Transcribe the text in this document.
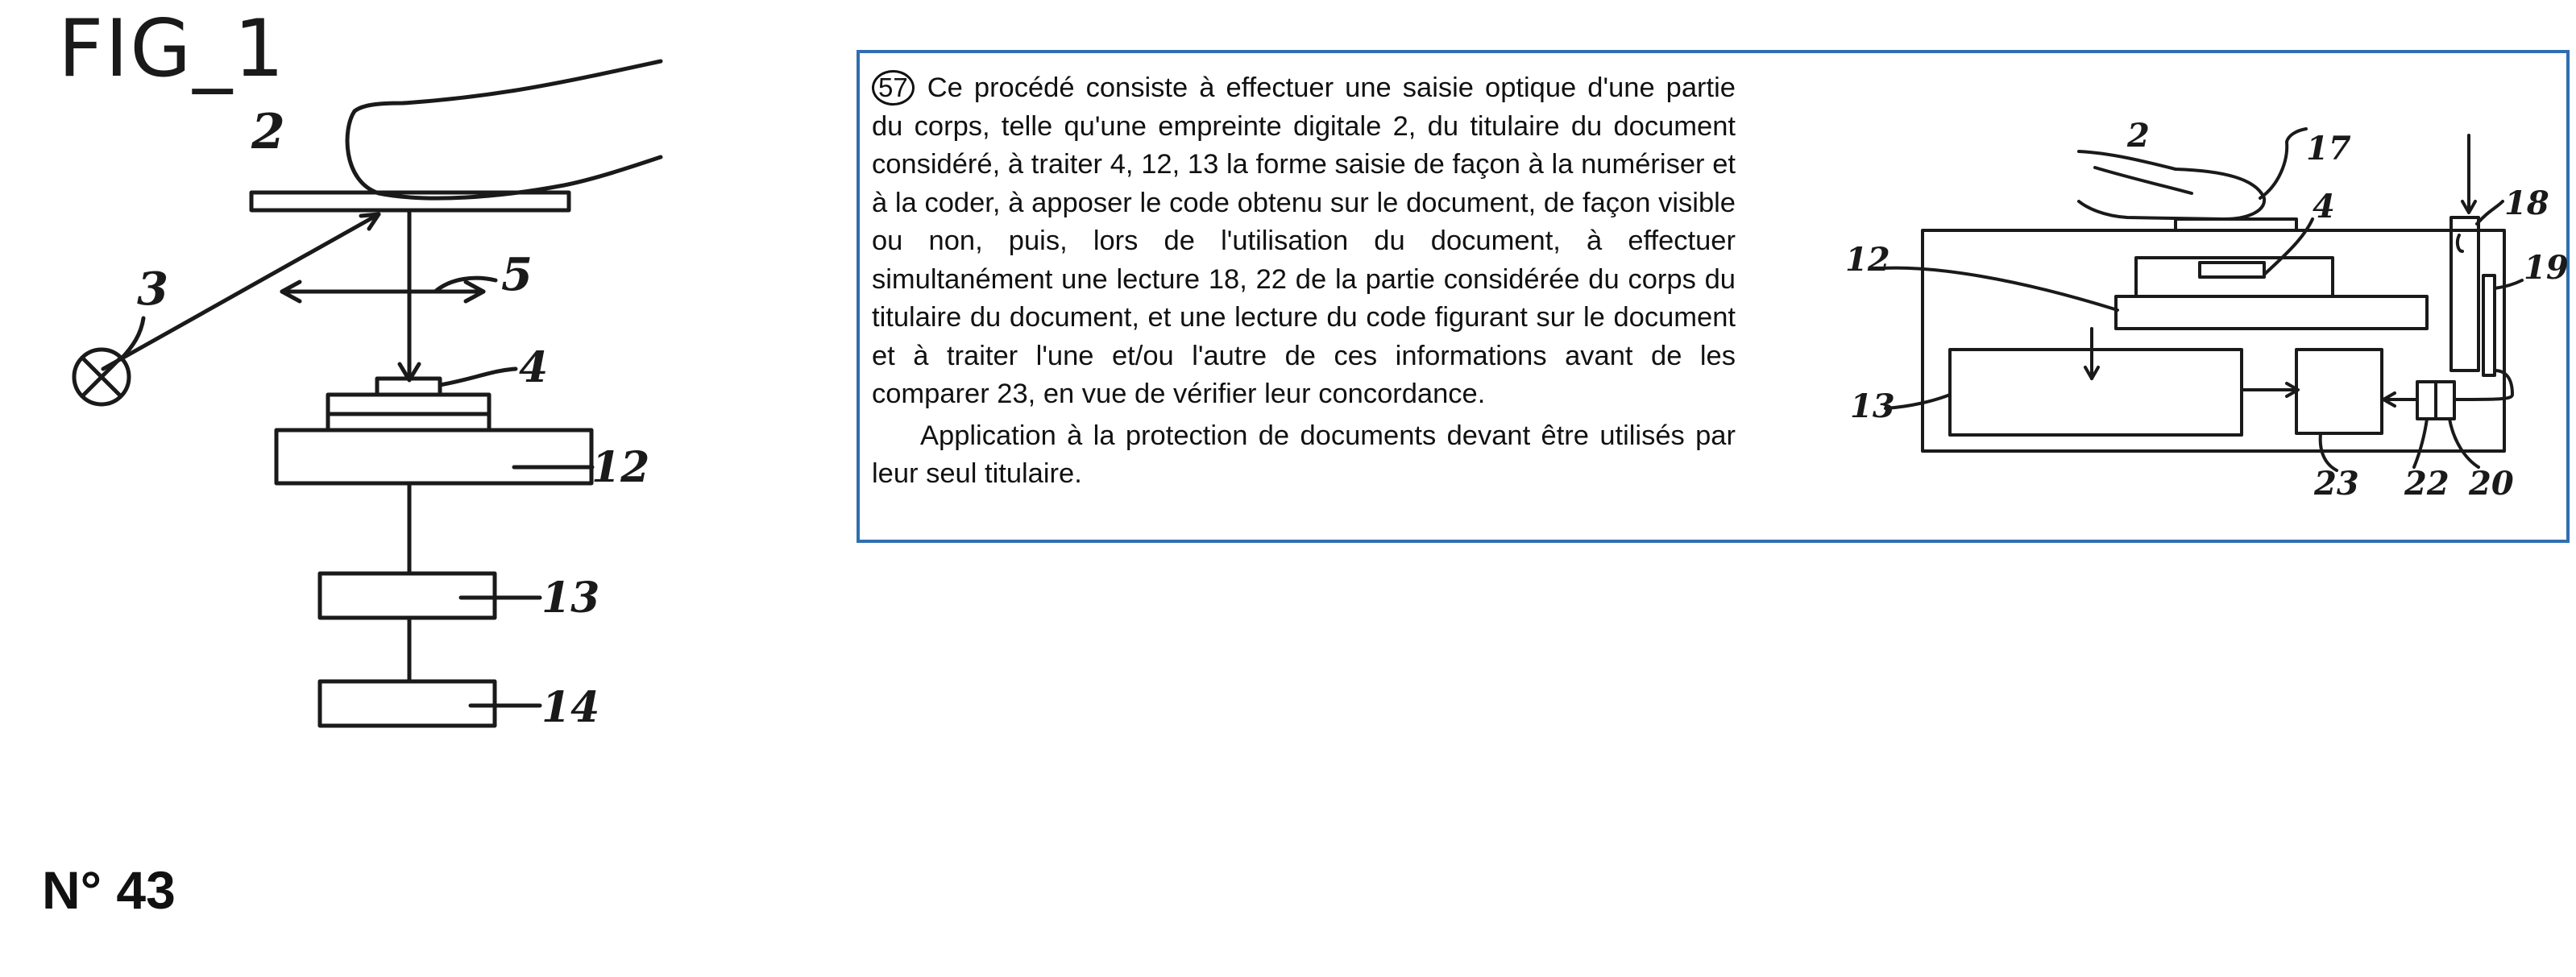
FIG_1
2
3	5
4
12
13
14

57 Ce procédé consiste à effectuer une saisie optique d'une partie du corps, telle qu'une empreinte digitale 2, du titulaire du document considéré, à traiter 4, 12, 13 la forme saisie de façon à la numériser et à la coder, à apposer le code obtenu sur le document, de façon visible ou non, puis, lors de l'utilisation du document, à effectuer simultanément une lecture 18, 22 de la partie considérée du corps du titulaire du document, et une lecture du code figurant sur le document et à traiter l'une et/ou l'autre de ces informations avant de les comparer 23, en vue de vérifier leur concordance.

Application à la protection de documents devant être utilisés par leur seul titulaire.

2	17
4	18
19
12
13
23 22 20
N° 43
